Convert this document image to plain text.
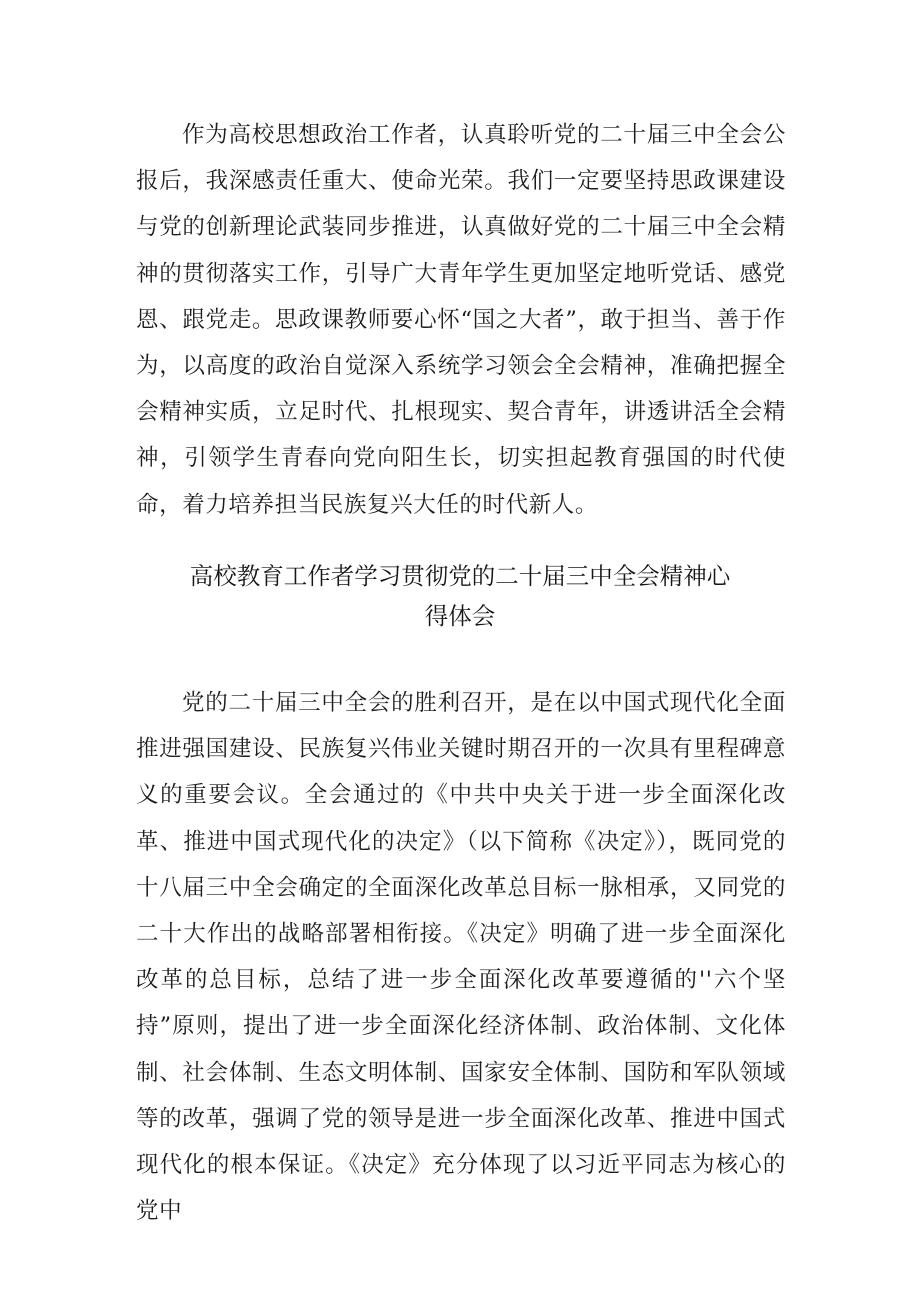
作为高校思想政治工作者，认真聆听党的二十届三中全会公报后，我深感责任重大、使命光荣。我们一定要坚持思政课建设与党的创新理论武装同步推进，认真做好党的二十届三中全会精神的贯彻落实工作，引导广大青年学生更加坚定地听党话、感党恩、跟党走。思政课教师要心怀“国之大者”，敢于担当、善于作为，以高度的政治自觉深入系统学习领会全会精神，准确把握全会精神实质，立足时代、扎根现实、契合青年，讲透讲活全会精神，引领学生青春向党向阳生长，切实担起教育强国的时代使命，着力培养担当民族复兴大任的时代新人。

高校教育工作者学习贯彻党的二十届三中全会精神心
得体会

党的二十届三中全会的胜利召开，是在以中国式现代化全面推进强国建设、民族复兴伟业关键时期召开的一次具有里程碑意义的重要会议。全会通过的《中共中央关于进一步全面深化改革、推进中国式现代化的决定》（以下简称《决定》），既同党的十八届三中全会确定的全面深化改革总目标一脉相承，又同党的二十大作出的战略部署相衔接。《决定》明确了进一步全面深化改革的总目标，总结了进一步全面深化改革要遵循的''六个坚持”原则，提出了进一步全面深化经济体制、政治体制、文化体制、社会体制、生态文明体制、国家安全体制、国防和军队领域等的改革，强调了党的领导是进一步全面深化改革、推进中国式现代化的根本保证。《决定》充分体现了以习近平同志为核心的党中
